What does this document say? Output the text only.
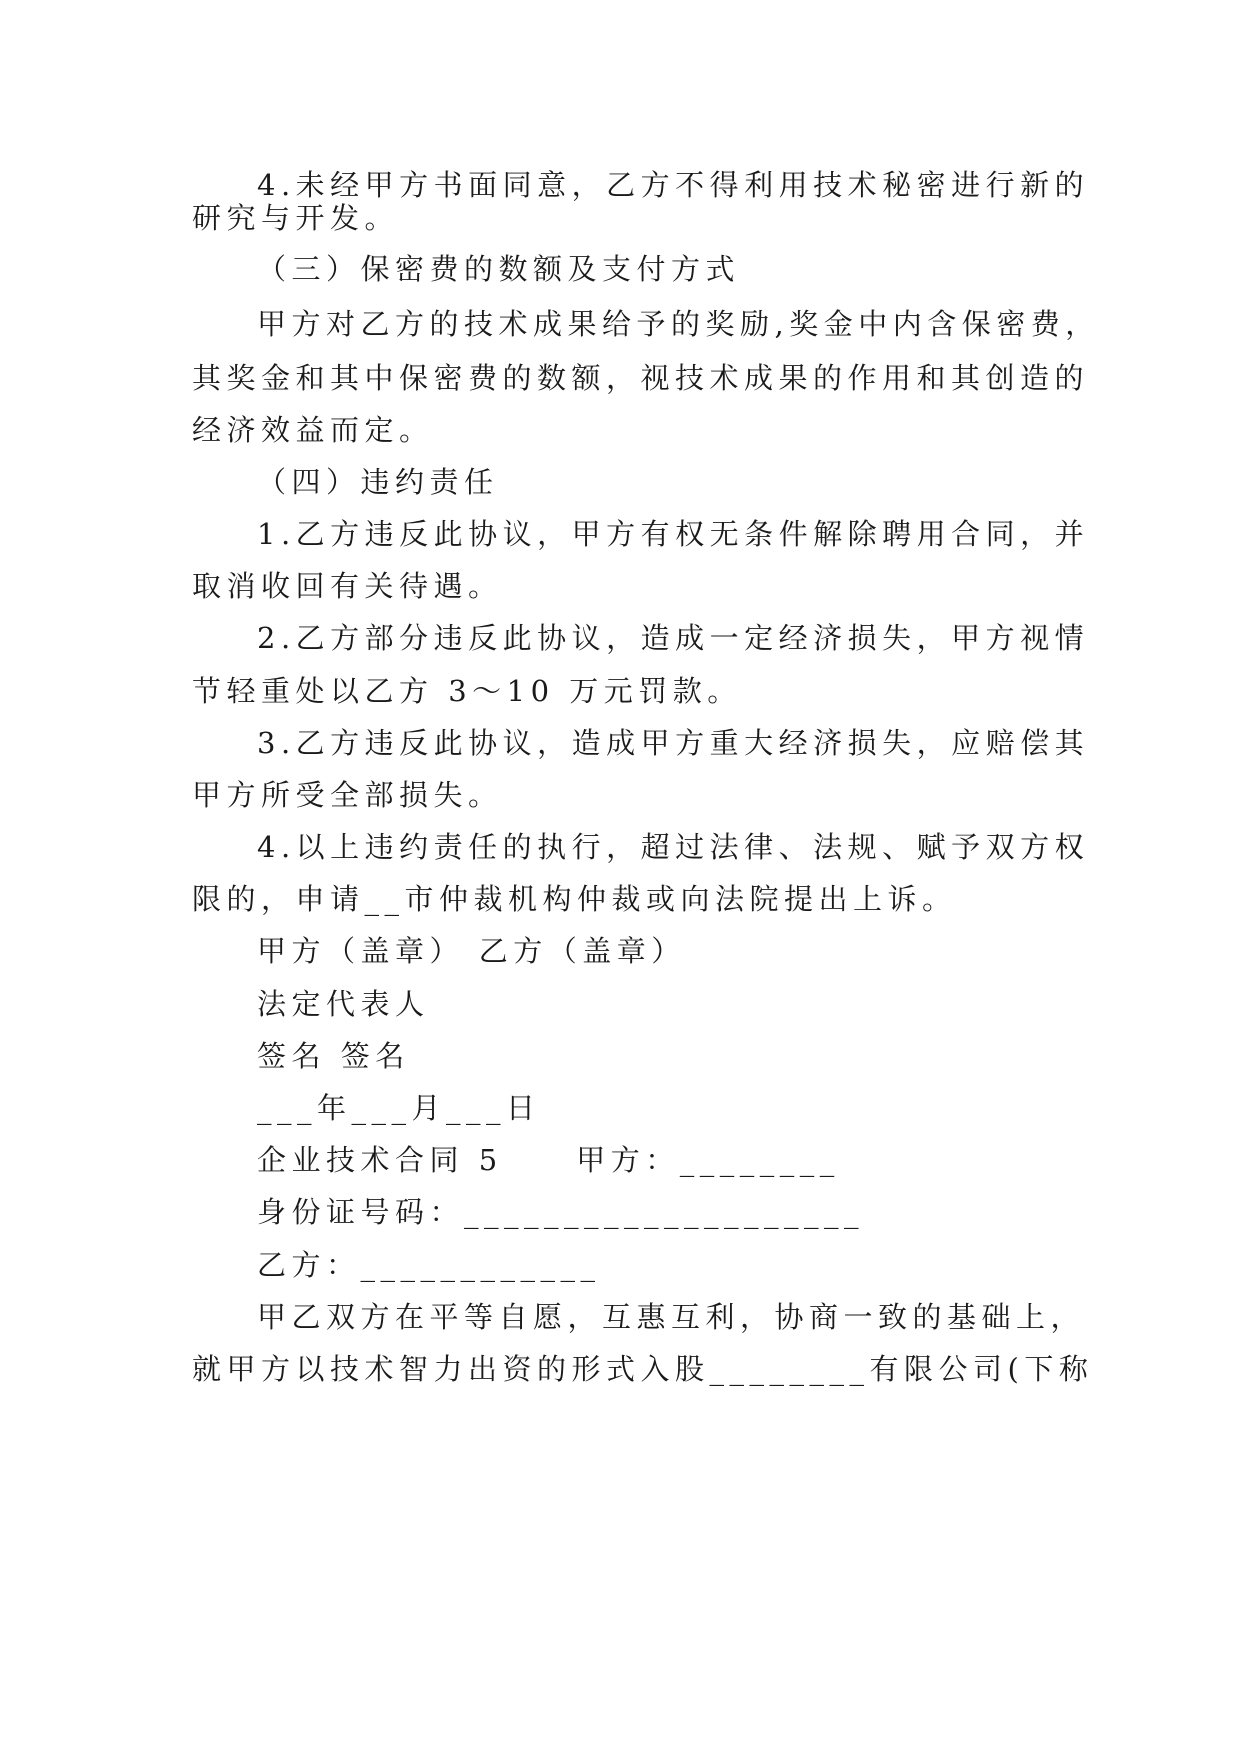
4.未经甲方书面同意，乙方不得利用技术秘密进行新的
研究与开发。
（三）保密费的数额及支付方式
甲方对乙方的技术成果给予的奖励,奖金中内含保密费，
其奖金和其中保密费的数额，视技术成果的作用和其创造的
经济效益而定。
（四）违约责任
1.乙方违反此协议，甲方有权无条件解除聘用合同，并
取消收回有关待遇。
2.乙方部分违反此协议，造成一定经济损失，甲方视情
节轻重处以乙方 3～10 万元罚款。
3.乙方违反此协议，造成甲方重大经济损失，应赔偿其
甲方所受全部损失。
4.以上违约责任的执行，超过法律、法规、赋予双方权
限的，申请__市仲裁机构仲裁或向法院提出上诉。
甲方（盖章） 乙方（盖章）
法定代表人
签名 签名
___年___月___日
企业技术合同 5     甲方：________
身份证号码：____________________
乙方：____________
甲乙双方在平等自愿，互惠互利，协商一致的基础上，
就甲方以技术智力出资的形式入股________有限公司(下称
